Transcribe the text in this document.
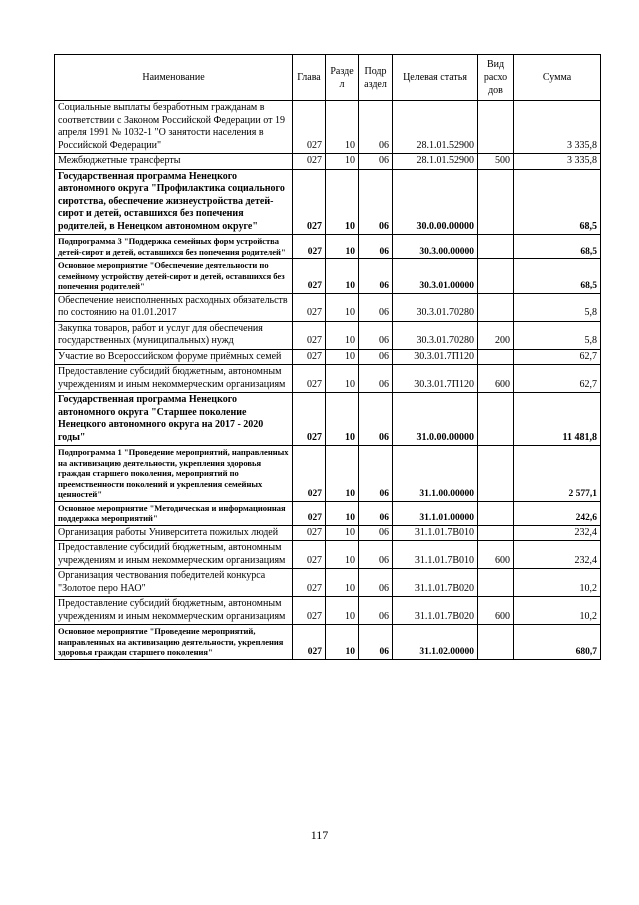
Наименование	Глава	Разде л	Подр аздел	Целевая статья	Вид расхо дов	Сумма
Социальные выплаты безработным гражданам в соответствии с Законом Российской Федерации от 19 апреля 1991 № 1032-1 "О занятости населения в Российской Федерации"	027	10	06	28.1.01.52900		3 335,8
Межбюджетные трансферты	027	10	06	28.1.01.52900	500	3 335,8
Государственная программа Ненецкого автономного округа "Профилактика социального сиротства, обеспечение жизнеустройства детей-сирот и детей, оставшихся без попечения родителей, в Ненецком автономном округе"	027	10	06	30.0.00.00000		68,5
Подпрограмма 3 "Поддержка семейных форм устройства детей-сирот и детей, оставшихся без попечения родителей"	027	10	06	30.3.00.00000		68,5
Основное мероприятие "Обеспечение деятельности по семейному устройству детей-сирот и детей, оставшихся без попечения родителей"	027	10	06	30.3.01.00000		68,5
Обеспечение неисполненных расходных обязательств по состоянию на 01.01.2017	027	10	06	30.3.01.70280		5,8
Закупка товаров, работ и услуг для обеспечения государственных (муниципальных) нужд	027	10	06	30.3.01.70280	200	5,8
Участие во Всероссийском форуме приёмных семей	027	10	06	30.3.01.7П120		62,7
Предоставление субсидий бюджетным, автономным учреждениям и иным некоммерческим организациям	027	10	06	30.3.01.7П120	600	62,7
Государственная программа Ненецкого автономного округа "Старшее поколение Ненецкого автономного округа на 2017 - 2020 годы"	027	10	06	31.0.00.00000		11 481,8
Подпрограмма 1 "Проведение мероприятий, направленных на активизацию деятельности, укрепления здоровья граждан старшего поколения, мероприятий по преемственности поколений и укрепления семейных ценностей"	027	10	06	31.1.00.00000		2 577,1
Основное мероприятие "Методическая и информационная поддержка мероприятий"	027	10	06	31.1.01.00000		242,6
Организация работы Университета пожилых людей	027	10	06	31.1.01.7В010		232,4
Предоставление субсидий бюджетным, автономным учреждениям и иным некоммерческим организациям	027	10	06	31.1.01.7В010	600	232,4
Организация чествования победителей конкурса "Золотое перо НАО"	027	10	06	31.1.01.7В020		10,2
Предоставление субсидий бюджетным, автономным учреждениям и иным некоммерческим организациям	027	10	06	31.1.01.7В020	600	10,2
Основное мероприятие "Проведение мероприятий, направленных на активизацию деятельности, укрепления здоровья граждан старшего поколения"	027	10	06	31.1.02.00000		680,7
117
